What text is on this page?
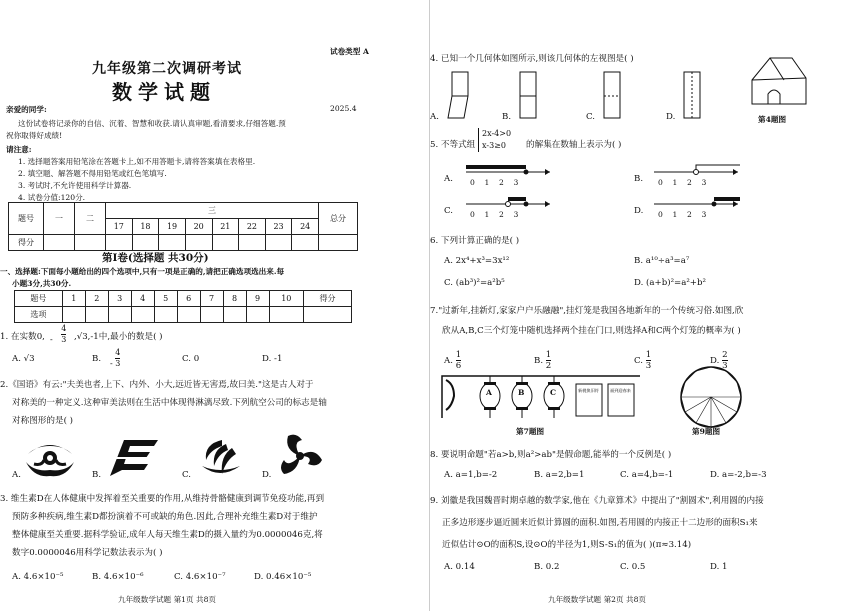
试卷类型 A
九年级第二次调研考试
数学试题
亲爱的同学:	2025.4
这份试卷将记录你的自信、沉着、智慧和收获.请认真审题,看清要求,仔细答题.预
祝你取得好成绩!
请注意:
1. 选择题答案用铅笔涂在答题卡上,如不用答题卡,请将答案填在表格里.
2. 填空题、解答题不得用铅笔或红色笔填写.
3. 考试时,不允许使用科学计算器.
4. 试卷分值:120分.
题号	一	二	三								总分
			17	18	19	20	21	22	23	24	
得分											
第Ⅰ卷(选择题 共30分)
一、选择题:下面每小题给出的四个选项中,只有一项是正确的,请把正确选项选出来.每
小题3分,共30分.
题号	1	2	3	4	5	6	7	8	9	10	得分
选项											
1. 在实数0, - $\frac{4}{3} ,√3,-1$中,最小的数是( )
A. √3	B. - $\frac{4}{3}$	C. 0	D. -1
2.《国语》有云:"夫美也者,上下、内外、小大,远近皆无害焉,故曰美."这是古人对于
对称美的一种定义.这种审美法则在生活中体现得淋漓尽致.下列航空公司的标志是轴
对称图形的是( )
A.	B.	C.	D.
3. 维生素D在人体健康中发挥着至关重要的作用,从维持骨骼健康到调节免疫功能,再到
预防多种疾病,维生素D都扮演着不可或缺的角色.因此,合理补充维生素D对于维护
整体健康至关重要.据科学验证,成年人每天维生素D的摄入量约为0.0000046克,将
数字0.0000046用科学记数法表示为( )
A. 4.6×10⁻⁵	B. 4.6×10⁻⁶	C. 4.6×10⁻⁷	D. 0.46×10⁻⁵
九年级数学试题 第1页 共8页
4. 已知一个几何体如图所示,则该几何体的左视图是( )
A.	B.	C.	D.	第4题图
5. 不等式组
2x-4>0
x-3≥0	的解集在数轴上表示为( )
A. 0 1 2 3	B. 0 1 2 3
C. 0 1 2 3	D. 0 1 2 3
6. 下列计算正确的是( )
A. 2x⁴+x³=3x¹²	B. a¹⁰÷a³=a⁷
C. (ab³)²=a²b⁵	D. (a+b)²=a²+b²
7."过新年,挂新灯,家家户户乐融融",挂灯笼是我国各地新年的一个传统习俗.如图,欣
欣从A,B,C三个灯笼中随机选择两个挂在门口,则选择A和C两个灯笼的概率为( )
A. $\frac{1}{6}$	B. $\frac{1}{2}$	C. $\frac{1}{3}$	D. $\frac{2}{3}$
A	B	C	新桃换旧符	福到迎春来
第7题图	第9题图
8. 要说明命题"若a>b,则a²>ab"是假命题,能举的一个反例是( )
A. a=1,b=-2	B. a=2,b=1	C. a=4,b=-1	D. a=-2,b=-3
9. 刘徽是我国魏晋时期卓越的数学家,他在《九章算术》中提出了"割圆术",利用圆的内接
正多边形逐步逼近圆来近似计算圆的面积.如图,若用圆的内接正十二边形的面积S₁来
近似估计⊙O的面积S,设⊙O的半径为1,则S-S₁的值为( )(π≈3.14)
A. 0.14	B. 0.2	C. 0.5	D. 1
九年级数学试题 第2页 共8页
